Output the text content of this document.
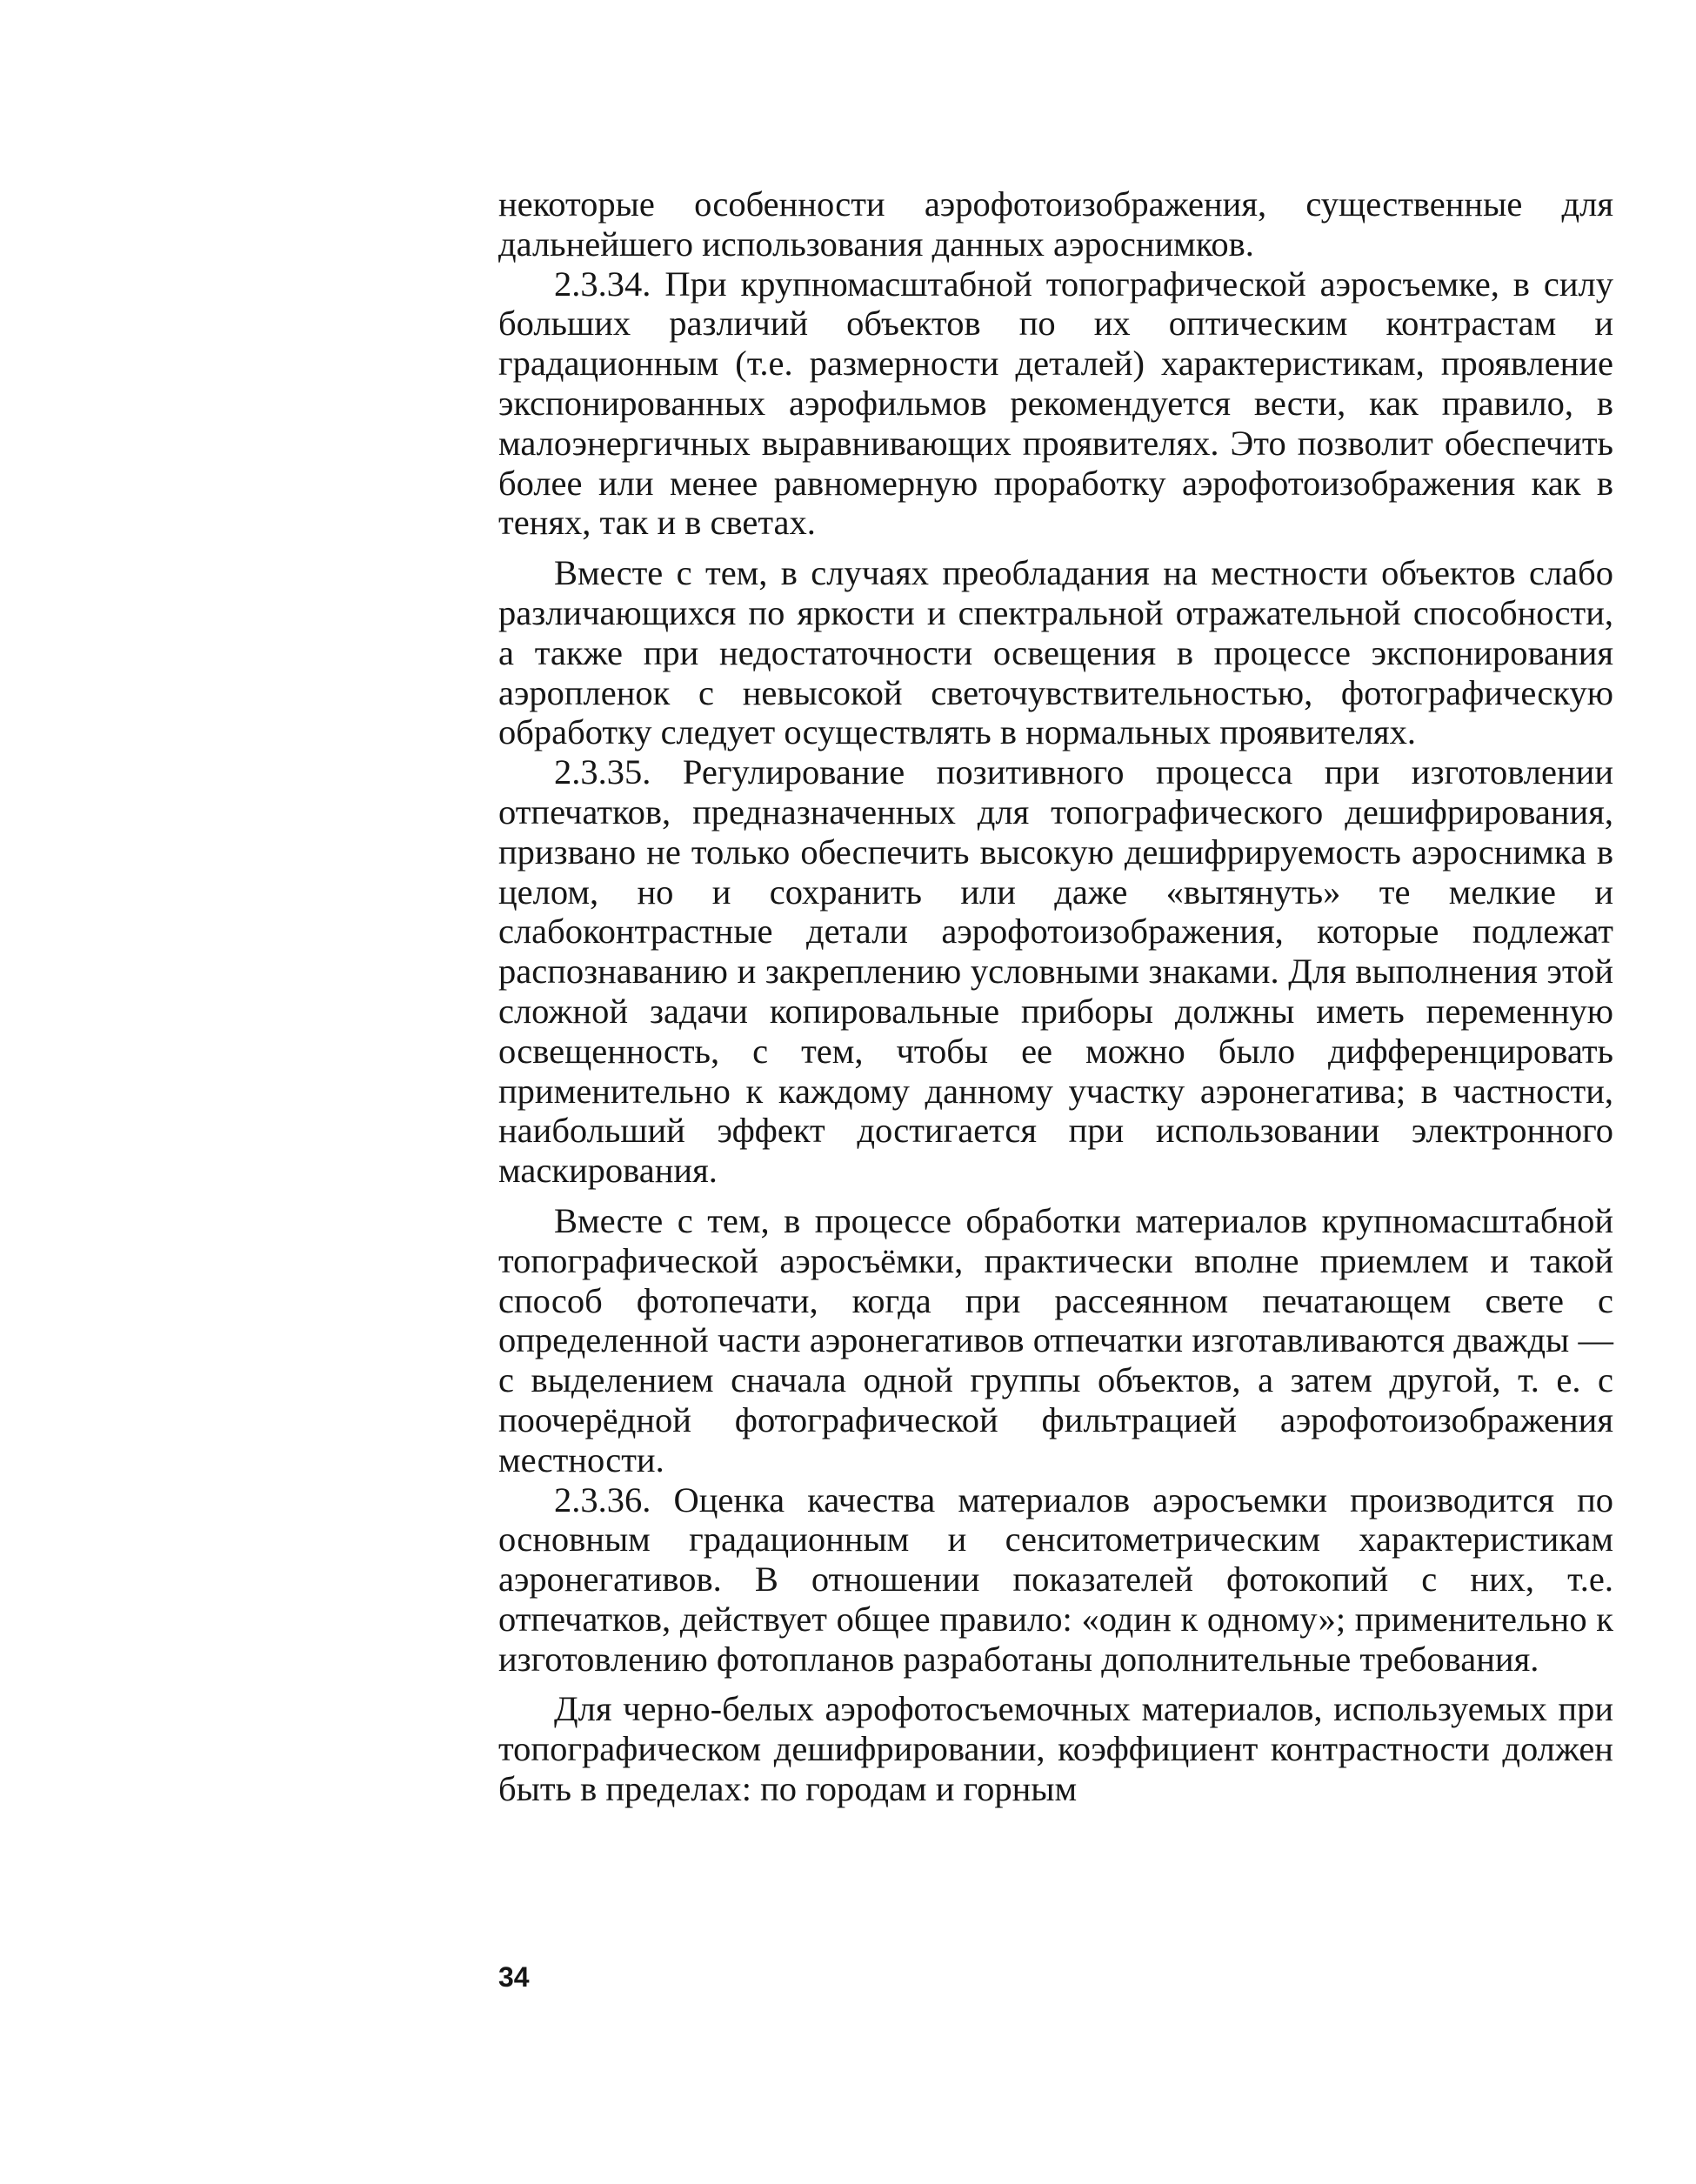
некоторые особенности аэрофотоизображения, существенные для дальнейшего использования данных аэроснимков.

2.3.34. При крупномасштабной топографической аэросъемке, в силу больших различий объектов по их оптическим контрастам и градационным (т.е. размерности деталей) характеристикам, проявление экспонированных аэрофильмов рекомендуется вести, как правило, в малоэнергичных выравнивающих проявителях. Это позволит обеспечить более или менее равномерную проработку аэрофотоизображения как в тенях, так и в светах.

Вместе с тем, в случаях преобладания на местности объектов слабо различающихся по яркости и спектральной отражательной способности, а также при недостаточности освещения в процессе экспонирования аэропленок с невысокой светочувствительностью, фотографическую обработку следует осуществлять в нормальных проявителях.

2.3.35. Регулирование позитивного процесса при изготовлении отпечатков, предназначенных для топографического дешифрирования, призвано не только обеспечить высокую дешифрируемость аэроснимка в целом, но и сохранить или даже «вытянуть» те мелкие и слабоконтрастные детали аэрофотоизображения, которые подлежат распознаванию и закреплению условными знаками. Для выполнения этой сложной задачи копировальные приборы должны иметь переменную освещенность, с тем, чтобы ее можно было дифференцировать применительно к каждому данному участку аэронегатива; в частности, наибольший эффект достигается при использовании электронного маскирования.

Вместе с тем, в процессе обработки материалов крупномасштабной топографической аэросъёмки, практически вполне приемлем и такой способ фотопечати, когда при рассеянном печатающем свете с определенной части аэронегативов отпечатки изготавливаются дважды — с выделением сначала одной группы объектов, а затем другой, т. е. с поочерёдной фотографической фильтрацией аэрофотоизображения местности.

2.3.36. Оценка качества материалов аэросъемки производится по основным градационным и сенситометрическим характеристикам аэронегативов. В отношении показателей фотокопий с них, т.е. отпечатков, действует общее правило: «один к одному»; применительно к изготовлению фотопланов разработаны дополнительные требования.

Для черно-белых аэрофотосъемочных материалов, используемых при топографическом дешифрировании, коэффициент контрастности должен быть в пределах: по городам и горным

34
